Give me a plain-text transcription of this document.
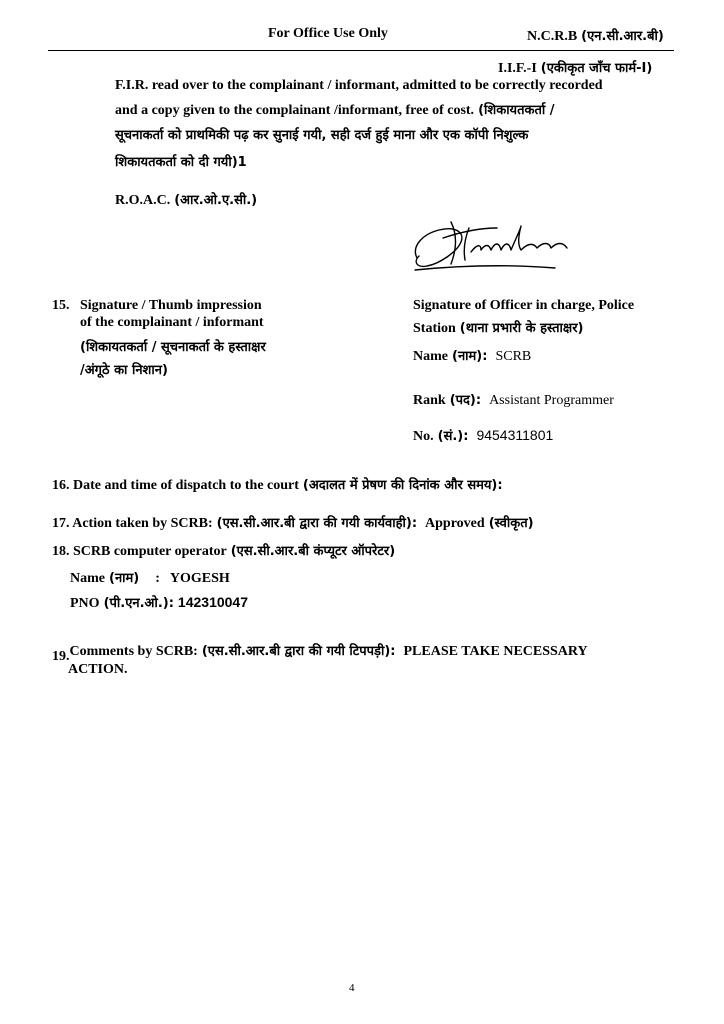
For Office Use Only	N.C.R.B (एन.सी.आर.बी)
I.I.F.-I (एकीकृत जाँच फार्म-I)
F.I.R. read over to the complainant / informant, admitted to be correctly recorded
and a copy given to the complainant /informant, free of cost. (शिकायतकर्ता /
सूचनाकर्ता को प्राथमिकी पढ़ कर सुनाई गयी, सही दर्ज हुई माना और एक कॉपी निशुल्क
शिकायतकर्ता को दी गयी)1
R.O.A.C. (आर.ओ.ए.सी.)
15. Signature / Thumb impression
of the complainant / informant
(शिकायतकर्ता / सूचनाकर्ता के हस्ताक्षर
/अंगूठे का निशान)
Signature of Officer in charge, Police
Station (थाना प्रभारी के हस्ताक्षर)
Name (नाम): SCRB
Rank (पद): Assistant Programmer
No. (सं.): 9454311801
16. Date and time of dispatch to the court (अदालत में प्रेषण की दिनांक और समय):
17. Action taken by SCRB: (एस.सी.आर.बी द्वारा की गयी कार्यवाही): Approved (स्वीकृत)
18. SCRB computer operator (एस.सी.आर.बी कंप्यूटर ऑपरेटर)
Name (नाम) : YOGESH
PNO (पी.एन.ओ.): 142310047
19.Comments by SCRB: (एस.सी.आर.बी द्वारा की गयी टिपपड़ी): PLEASE TAKE NECESSARY
ACTION.
4
